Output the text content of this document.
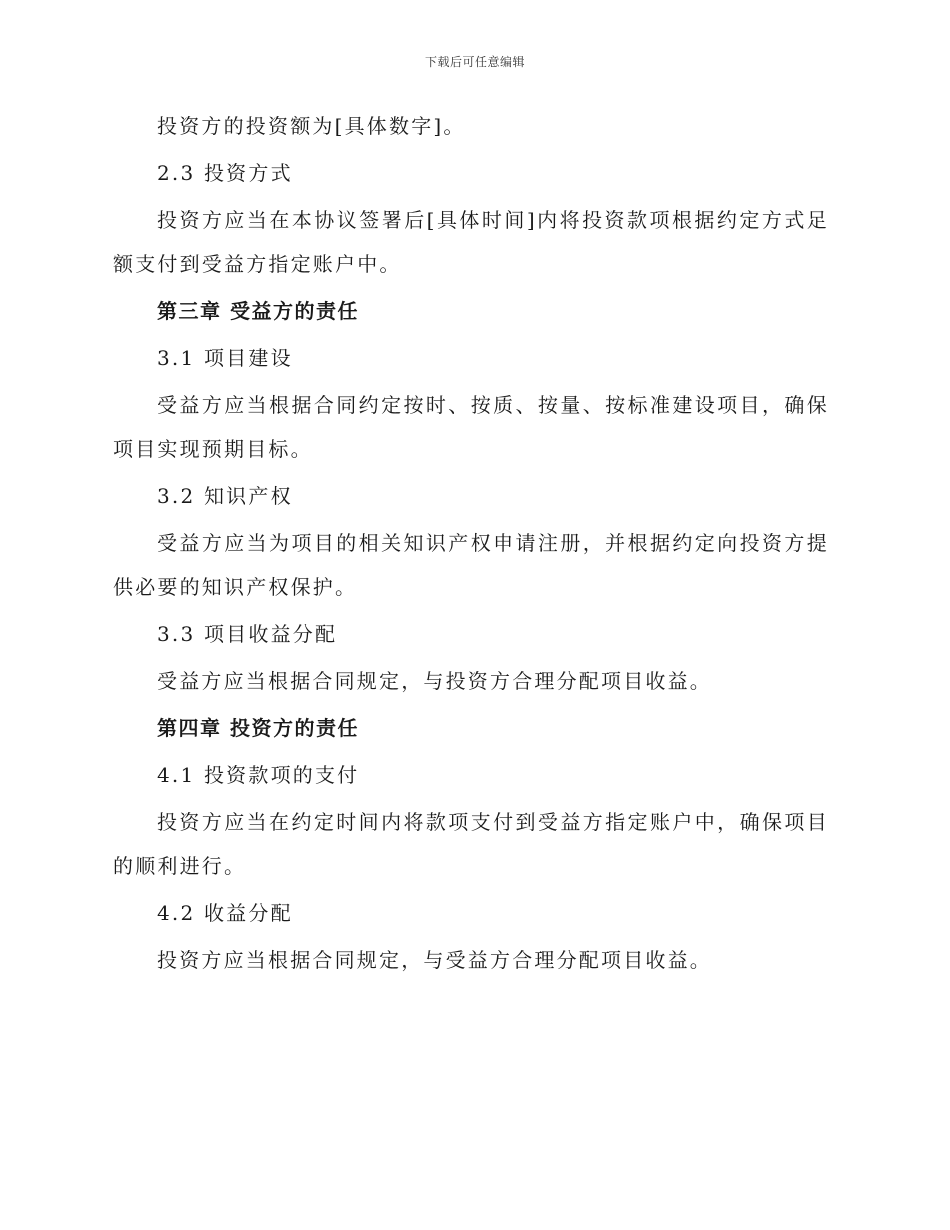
下载后可任意编辑

投资方的投资额为[具体数字]。

2.3 投资方式

投资方应当在本协议签署后[具体时间]内将投资款项根据约定方式足额支付到受益方指定账户中。

第三章 受益方的责任

3.1 项目建设

受益方应当根据合同约定按时、按质、按量、按标准建设项目，确保项目实现预期目标。

3.2 知识产权

受益方应当为项目的相关知识产权申请注册，并根据约定向投资方提供必要的知识产权保护。

3.3 项目收益分配

受益方应当根据合同规定，与投资方合理分配项目收益。

第四章 投资方的责任

4.1 投资款项的支付

投资方应当在约定时间内将款项支付到受益方指定账户中，确保项目的顺利进行。

4.2 收益分配

投资方应当根据合同规定，与受益方合理分配项目收益。
